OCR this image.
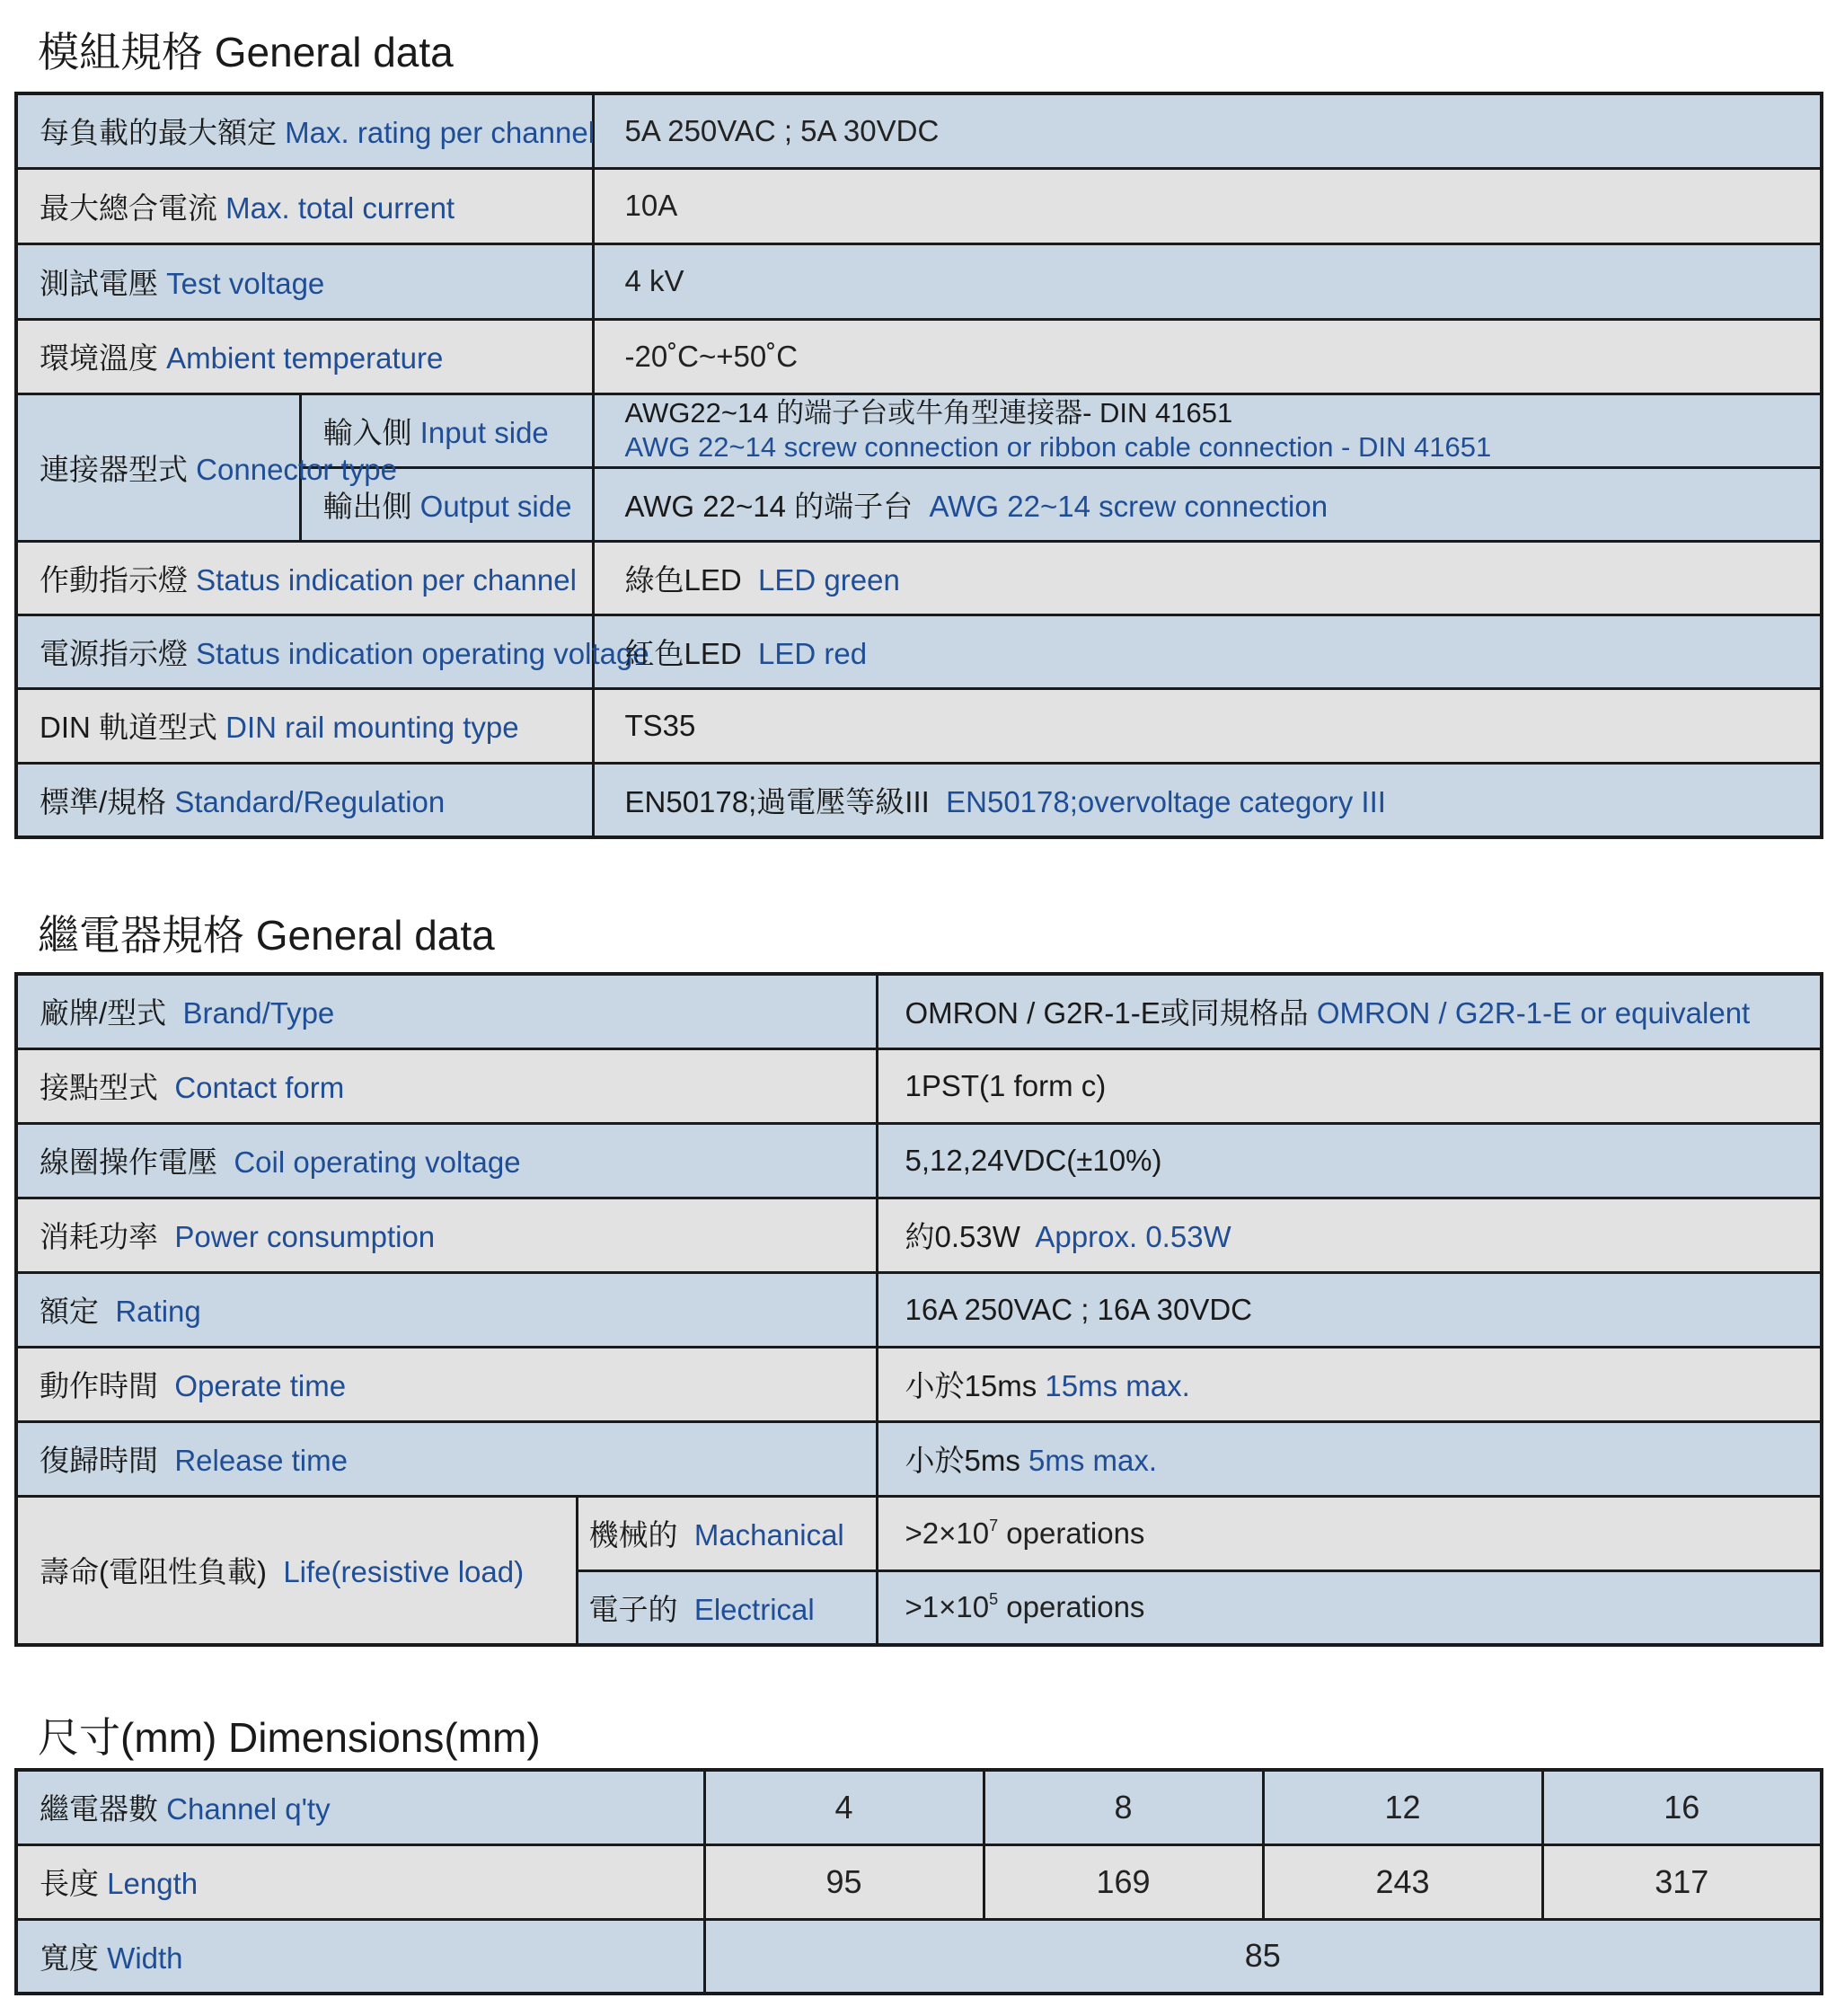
模組規格 General data
每負載的最大額定 Max. rating per channel		5A 250VAC ; 5A 30VDC
最大總合電流 Max. total current		10A
測試電壓 Test voltage		4 kV
環境溫度 Ambient temperature		-20˚C~+50˚C
連接器型式 Connector type	輸入側 Input side	AWG22~14 的端子台或牛角型連接器- DIN 41651
AWG 22~14 screw connection or ribbon cable connection - DIN 41651

	輸出側 Output side	AWG 22~14 的端子台 AWG 22~14 screw connection
作動指示燈 Status indication per channel		綠色LED LED green
電源指示燈 Status indication operating voltage		紅色LED LED red
DIN 軌道型式 DIN rail mounting type		TS35
標準/規格 Standard/Regulation		EN50178;過電壓等級III EN50178;overvoltage category III
繼電器規格 General data
廠牌/型式 Brand/Type		OMRON / G2R-1-E或同規格品 OMRON / G2R-1-E or equivalent
接點型式 Contact form		1PST(1 form c)
線圈操作電壓 Coil operating voltage		5,12,24VDC(±10%)
消耗功率 Power consumption		約0.53W Approx. 0.53W
額定 Rating		16A 250VAC ; 16A 30VDC
動作時間 Operate time		小於15ms 15ms max.
復歸時間 Release time		小於5ms 5ms max.
壽命(電阻性負載) Life(resistive load)	機械的 Machanical	$>2\times 10^7$ operations
	電子的 Electrical	$>1\times 10^5$ operations
尺寸(mm) Dimensions(mm)
繼電器數 Channel q'ty	4	8	12	16
長度 Length	95	169	243	317
寬度 Width	85			
